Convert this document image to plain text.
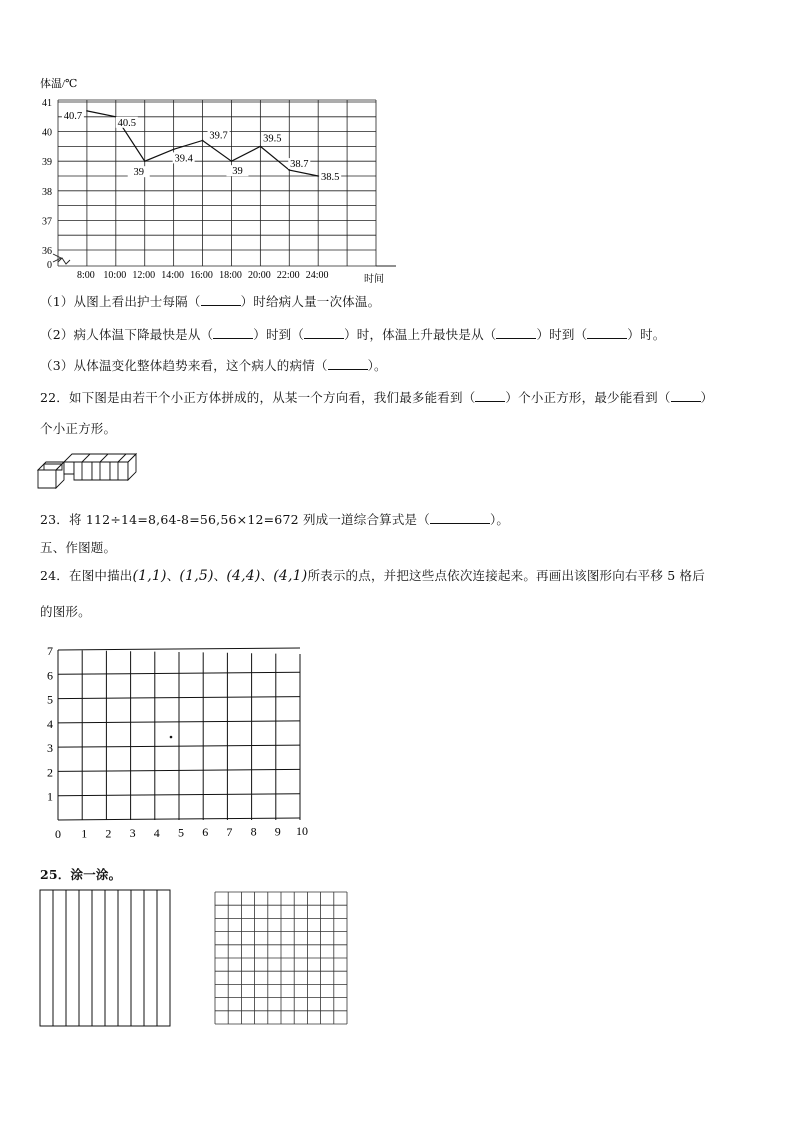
41
40
39
38
37
36
0
8:00 10:00 12:00 14:00 16:00 18:00 20:00 22:00 24:00
40.7
40.5
39
39.4
39.7
39
39.5
38.7
38.5
体温/℃
时间
（1）从图上看出护士每隔（	）时给病人量一次体温。
（2）病人体温下降最快是从（	）时到（	）时，体温上升最快是从（	）时到（	）时。
（3）从体温变化整体趋势来看，这个病人的病情（	）。
22．如下图是由若干个小正方体拼成的，从某一个方向看，我们最多能看到（ ）个小正方形，最少能看到（ ）
个小正方形。
23．将 112÷14=8,64-8=56,56×12=672 列成一道综合算式是（	）。
五、作图题。
24．在图中描出(1,1)、(1,5)、(4,4)、(4,1)所表示的点，并把这些点依次连接起来。再画出该图形向右平移 5 格后
的图形。
7
6
5
4
3
2
1
0 1 2 3 4 5 6 7 8 9 10
25．涂一涂。
